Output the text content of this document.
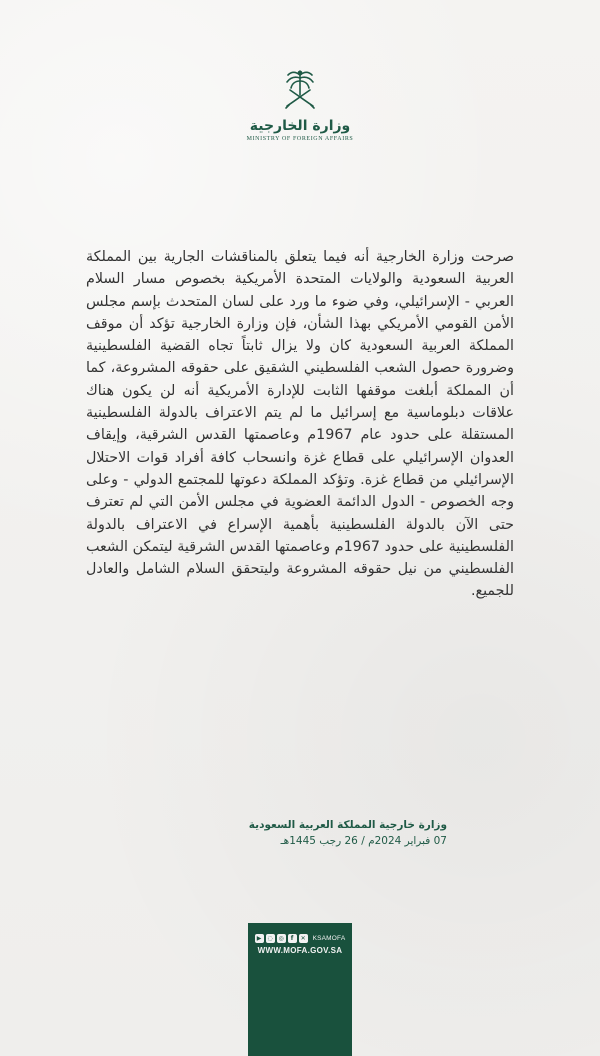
وزارة الخارجية
MINISTRY OF FOREIGN AFFAIRS
صرحت وزارة الخارجية أنه فيما يتعلق بالمناقشات الجارية بين المملكة العربية السعودية والولايات المتحدة الأمريكية بخصوص مسار السلام العربي - الإسرائيلي، وفي ضوء ما ورد على لسان المتحدث بإسم مجلس الأمن القومي الأمريكي بهذا الشأن، فإن وزارة الخارجية تؤكد أن موقف المملكة العربية السعودية كان ولا يزال ثابتاً تجاه القضية الفلسطينية وضرورة حصول الشعب الفلسطيني الشقيق على حقوقه المشروعة، كما أن المملكة أبلغت موقفها الثابت للإدارة الأمريكية أنه لن يكون هناك علاقات دبلوماسية مع إسرائيل ما لم يتم الاعتراف بالدولة الفلسطينية المستقلة على حدود عام 1967م وعاصمتها القدس الشرقية، وإيقاف العدوان الإسرائيلي على قطاع غزة وانسحاب كافة أفراد قوات الاحتلال الإسرائيلي من قطاع غزة. وتؤكد المملكة دعوتها للمجتمع الدولي - وعلى وجه الخصوص - الدول الدائمة العضوية في مجلس الأمن التي لم تعترف حتى الآن بالدولة الفلسطينية بأهمية الإسراع في الاعتراف بالدولة الفلسطينية على حدود 1967م وعاصمتها القدس الشرقية ليتمكن الشعب الفلسطيني من نيل حقوقه المشروعة وليتحقق السلام الشامل والعادل للجميع.
وزارة خارجية المملكة العربية السعودية
07 فبراير 2024م / 26 رجب 1445هـ
▶	◌ ◎	f	✕	KSAMOFA
WWW.MOFA.GOV.SA
